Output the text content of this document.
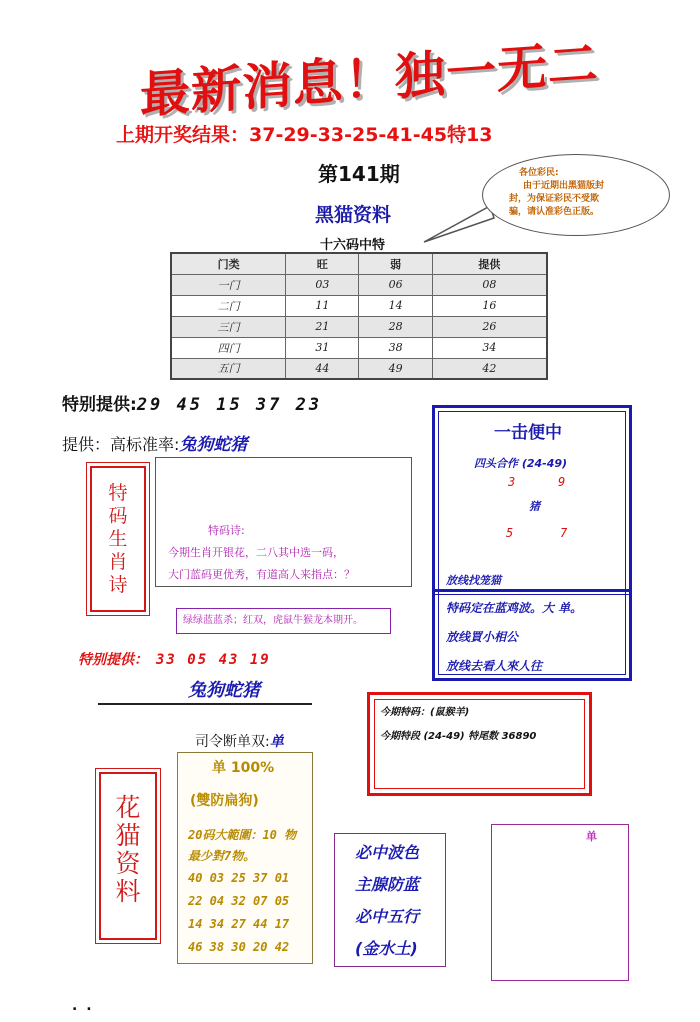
最新消息！独一无二
上期开奖结果：37-29-33-25-41-45特13
第141期	各位彩民:
由于近期出黑猫版封
封，为保证彩民不受欺
骗，请认准彩色正版。
黑猫资料
十六码中特
门类	旺	弱	提供
一门	03	06	08
二门	11	14	16
三门	21	28	26
四门	31	38	34
五门	44	49	42
特别提供:29 45 15 37 23
提供：高标准率:兔狗蛇猪
特
码
生
肖
诗
特码诗:
今期生肖开银花，二八其中选一码，
大门蓝码更优秀，有道高人来指点：？
绿绿蓝蓝杀；红双，虎鼠牛猴龙本期开。
特别提供： 33 05 43 19
兔狗蛇猪
一击便中
四头合作 (24-49)
3	9
猪
5	7
放线找笼猫
特码定在蓝鸡波。大 单。
放线買小相公
放线去看人來人往
今期特码：(鼠猴羊)
今期特段 (24-49) 特尾数 36890
司令断单双:单
花
猫
资
料
单 100%
(雙防扁狗)
20码大範圍：10 物
最少對7物。
40 03 25 37 01
22 04 32 07 05
14 34 27 44 17
46 38 30 20 42
必中波色
主腺防蓝
必中五行
(金水土)
单
. .
